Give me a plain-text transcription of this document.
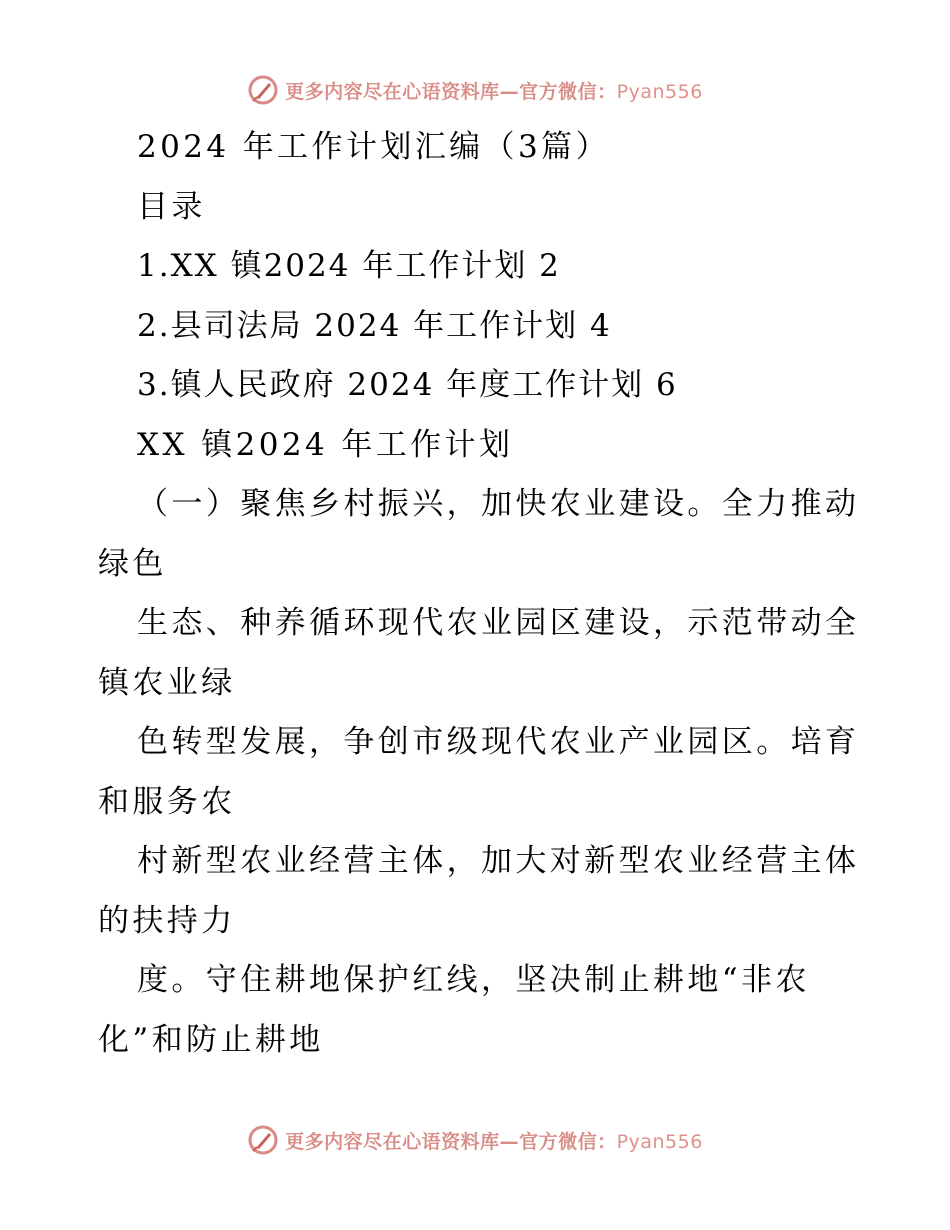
更多内容尽在心语资料库—官方微信：Pyan556
2024 年工作计划汇编（3篇）
目录
1.XX 镇2024 年工作计划 2
2.县司法局 2024 年工作计划 4
3.镇人民政府 2024 年度工作计划 6
XX 镇2024 年工作计划
（一）聚焦乡村振兴，加快农业建设。全力推动
绿色
生态、种养循环现代农业园区建设，示范带动全
镇农业绿
色转型发展，争创市级现代农业产业园区。培育
和服务农
村新型农业经营主体，加大对新型农业经营主体
的扶持力
度。守住耕地保护红线，坚决制止耕地“非农
化”和防止耕地
更多内容尽在心语资料库—官方微信：Pyan556
